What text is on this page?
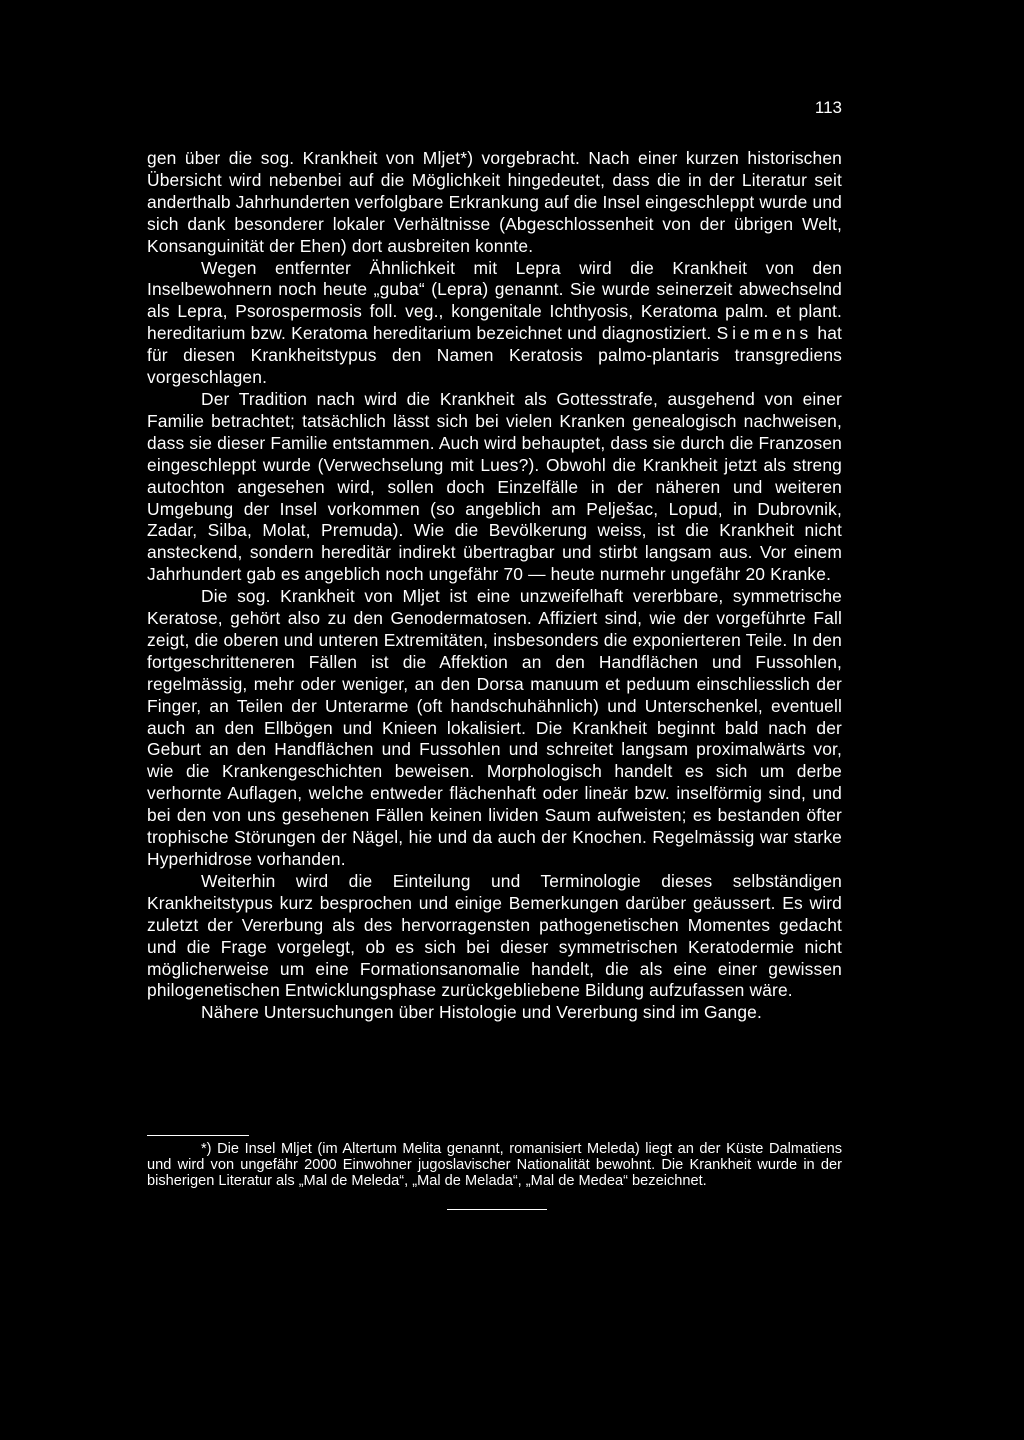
113

gen über die sog. Krankheit von Mljet*) vorgebracht. Nach einer kurzen historischen Übersicht wird nebenbei auf die Möglichkeit hingedeutet, dass die in der Literatur seit anderthalb Jahrhunderten verfolgbare Erkrankung auf die Insel eingeschleppt wurde und sich dank besonderer lokaler Verhältnisse (Abgeschlossenheit von der übrigen Welt, Konsanguinität der Ehen) dort ausbreiten konnte.

Wegen entfernter Ähnlichkeit mit Lepra wird die Krankheit von den Inselbewohnern noch heute „guba“ (Lepra) genannt. Sie wurde seinerzeit abwechselnd als Lepra, Psorospermosis foll. veg., kongenitale Ichthyosis, Keratoma palm. et plant. hereditarium bzw. Keratoma hereditarium bezeichnet und diagnostiziert. Siemens hat für diesen Krankheitstypus den Namen Keratosis palmo-plantaris transgrediens vorgeschlagen.

Der Tradition nach wird die Krankheit als Gottesstrafe, ausgehend von einer Familie betrachtet; tatsächlich lässt sich bei vielen Kranken genealogisch nachweisen, dass sie dieser Familie entstammen. Auch wird behauptet, dass sie durch die Franzosen eingeschleppt wurde (Verwechselung mit Lues?). Obwohl die Krankheit jetzt als streng autochton angesehen wird, sollen doch Einzelfälle in der näheren und weiteren Umgebung der Insel vorkommen (so angeblich am Pelješac, Lopud, in Dubrovnik, Zadar, Silba, Molat, Premuda). Wie die Bevölkerung weiss, ist die Krankheit nicht ansteckend, sondern hereditär indirekt übertragbar und stirbt langsam aus. Vor einem Jahrhundert gab es angeblich noch ungefähr 70 — heute nurmehr ungefähr 20 Kranke.

Die sog. Krankheit von Mljet ist eine unzweifelhaft vererbbare, symmetrische Keratose, gehört also zu den Genodermatosen. Affiziert sind, wie der vorgeführte Fall zeigt, die oberen und unteren Extremitäten, insbesonders die exponierteren Teile. In den fortgeschritteneren Fällen ist die Affektion an den Handflächen und Fussohlen, regelmässig, mehr oder weniger, an den Dorsa manuum et peduum einschliesslich der Finger, an Teilen der Unterarme (oft handschuhähnlich) und Unterschenkel, eventuell auch an den Ellbögen und Knieen lokalisiert. Die Krankheit beginnt bald nach der Geburt an den Handflächen und Fussohlen und schreitet langsam proximalwärts vor, wie die Krankengeschichten beweisen. Morphologisch handelt es sich um derbe verhornte Auflagen, welche entweder flächenhaft oder lineär bzw. inselförmig sind, und bei den von uns gesehenen Fällen keinen lividen Saum aufweisten; es bestanden öfter trophische Störungen der Nägel, hie und da auch der Knochen. Regelmässig war starke Hyperhidrose vorhanden.

Weiterhin wird die Einteilung und Terminologie dieses selbständigen Krankheitstypus kurz besprochen und einige Bemerkungen darüber geäussert. Es wird zuletzt der Vererbung als des hervorragensten pathogenetischen Momentes gedacht und die Frage vorgelegt, ob es sich bei dieser symmetrischen Keratodermie nicht möglicherweise um eine Formationsanomalie handelt, die als eine einer gewissen philogenetischen Entwicklungsphase zurückgebliebene Bildung aufzufassen wäre.

Nähere Untersuchungen über Histologie und Vererbung sind im Gange.

*) Die Insel Mljet (im Altertum Melita genannt, romanisiert Meleda) liegt an der Küste Dalmatiens und wird von ungefähr 2000 Einwohner jugoslavischer Nationalität bewohnt. Die Krankheit wurde in der bisherigen Literatur als „Mal de Meleda“, „Mal de Melada“, „Mal de Medea“ bezeichnet.
